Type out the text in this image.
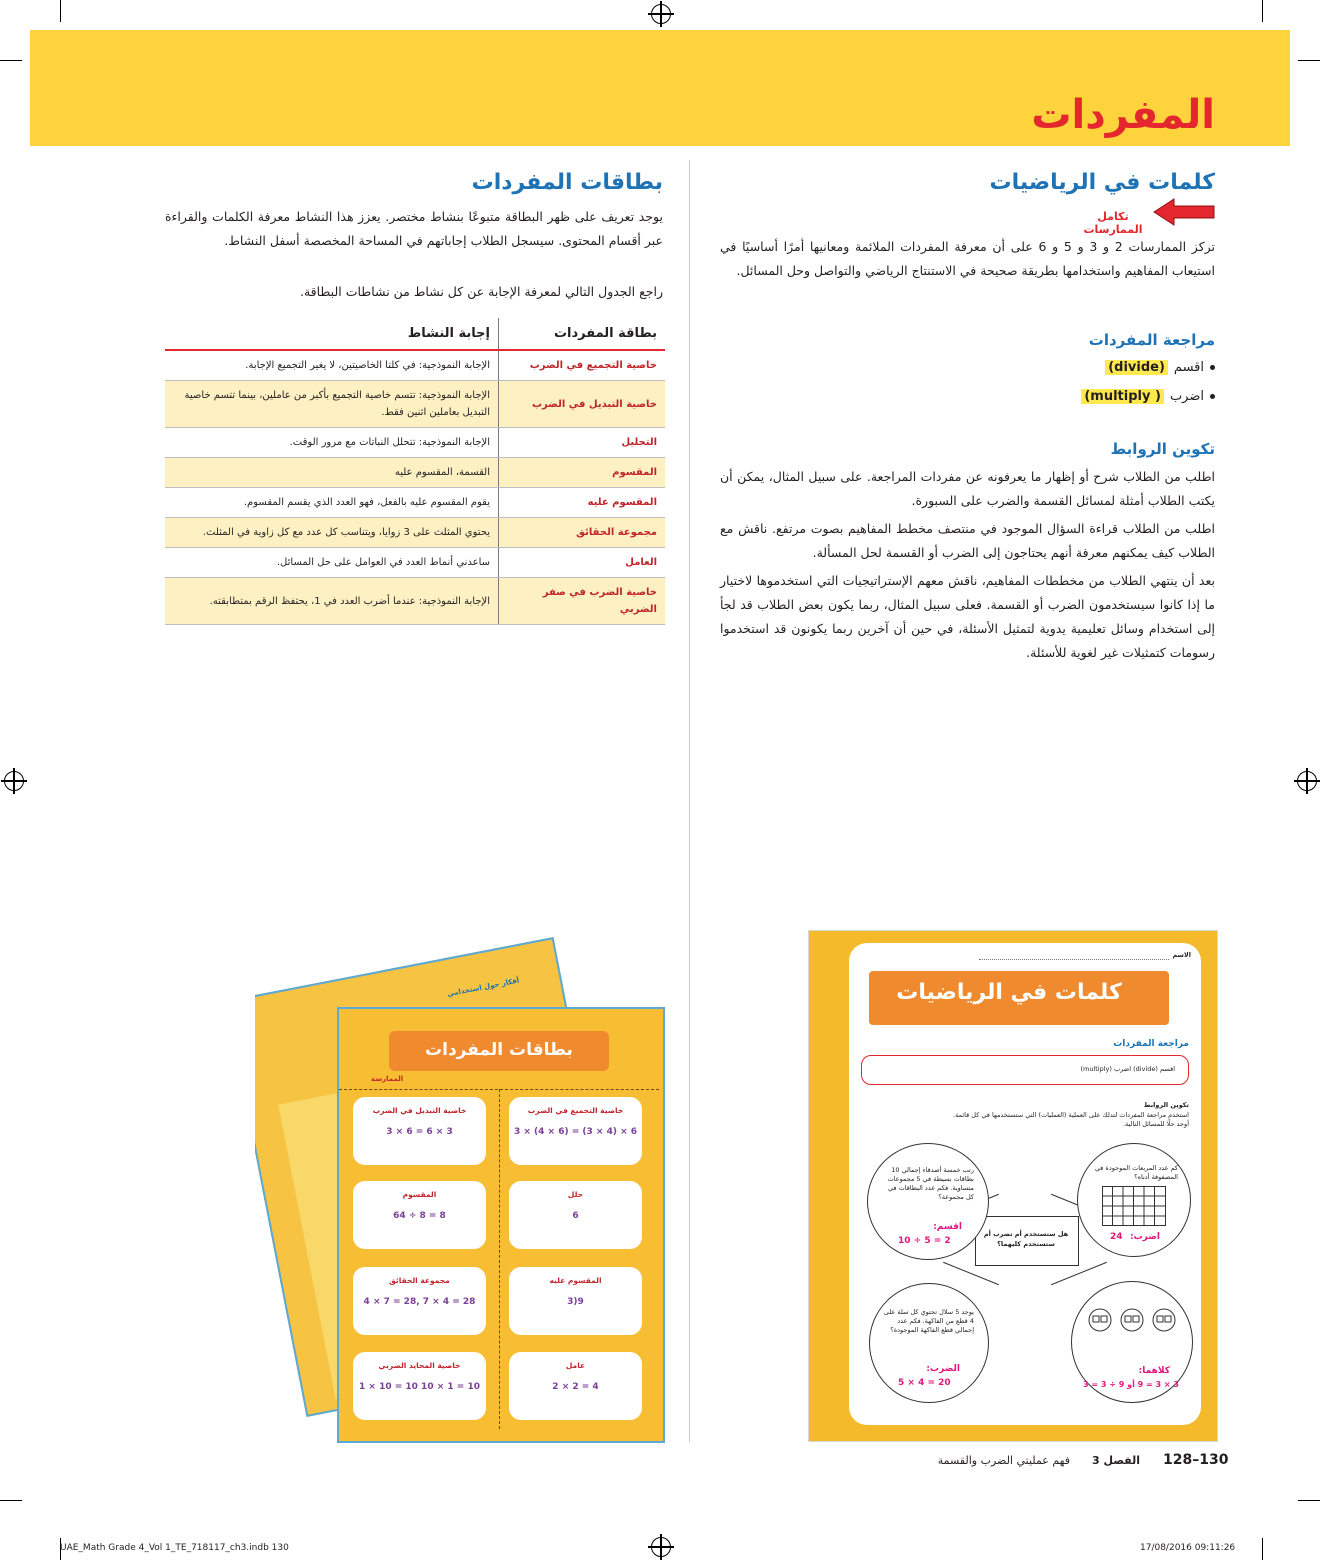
المفردات
كلمات في الرياضيات
تكامل الممارسات
تركز الممارسات 2 و 3 و 5 و 6 على أن معرفة المفردات الملائمة ومعانيها أمرًا أساسيًا في استيعاب المفاهيم واستخدامها بطريقة صحيحة في الاستنتاج الرياضي والتواصل وحل المسائل.
مراجعة المفردات
اقسم
(divide)
اضرب
( multiply)
تكوين الروابط
اطلب من الطلاب شرح أو إظهار ما يعرفونه عن مفردات المراجعة. على سبيل المثال، يمكن أن يكتب الطلاب أمثلة لمسائل القسمة والضرب على السبورة.
اطلب من الطلاب قراءة السؤال الموجود في منتصف مخطط المفاهيم بصوت مرتفع. ناقش مع الطلاب كيف يمكنهم معرفة أنهم يحتاجون إلى الضرب أو القسمة لحل المسألة.
بعد أن ينتهي الطلاب من مخططات المفاهيم، ناقش معهم الإستراتيجيات التي استخدموها لاختيار ما إذا كانوا سيستخدمون الضرب أو القسمة. فعلى سبيل المثال، ربما يكون بعض الطلاب قد لجأ إلى استخدام وسائل تعليمية يدوية لتمثيل الأسئلة، في حين أن آخرين ربما يكونون قد استخدموا رسومات كتمثيلات غير لغوية للأسئلة.
بطاقات المفردات
يوجد تعريف على ظهر البطاقة متبوعًا بنشاط مختصر. يعزز هذا النشاط معرفة الكلمات والقراءة عبر أقسام المحتوى. سيسجل الطلاب إجاباتهم في المساحة المخصصة أسفل النشاط.
راجع الجدول التالي لمعرفة الإجابة عن كل نشاط من نشاطات البطاقة.
بطاقة المفردات	إجابة النشاط
خاصية التجميع في الضرب	الإجابة النموذجية: في كلتا الخاصيتين، لا يغير التجميع الإجابة.
خاصية التبديل في الضرب	الإجابة النموذجية: تتسم خاصية التجميع بأكبر من عاملين، بينما تتسم خاصية التبديل بعاملين اثنين فقط.
التحليل	الإجابة النموذجية: تتحلل النباتات مع مرور الوقت.
المقسوم	القسمة، المقسوم عليه
المقسوم عليه	يقوم المقسوم عليه بالفعل، فهو العدد الذي يقسم المقسوم.
مجموعة الحقائق	يحتوي المثلث على 3 زوايا، ويتناسب كل عدد مع كل زاوية في المثلث.
العامل	ساعدني أنماط العدد في العوامل على حل المسائل.
خاصية الضرب في صفر الضربي	الإجابة النموذجية: عندما أضرب العدد في 1، يحتفظ الرقم بمتطابقته.
أفكار حول استخدامي
بطاقات المفردات
الممارسة
خاصية التجميع في الضرب
3 × (4 × 6) = (3 × 4) × 6
خاصية التبديل في الضرب
3 × 6 = 6 × 3
حلل
6
المقسوم
64 ÷ 8 = 8
المقسوم عليه
3)9
مجموعة الحقائق
4 × 7 = 28, 7 × 4 = 28
عامل
2 × 2 = 4
خاصية المحايد الضربي
1 × 10 = 10 10 × 1 = 10
الاسم
كلمات في الرياضيات
مراجعة المفردات
اقسم (divide) اضرب (multiply)
تكوين الروابط
استخدم مراجعة المفردات لتدلك على العملية (العمليات) التي ستستخدمها في كل قائمة. أوجد حلًا للمسائل التالية.
هل ستستخدم أم تضرب أم ستستخدم كليهما؟
رتب خمسة أصدقاء إجمالي 10 بطاقات بسيطة في 5 مجموعات متساوية. فكم عدد البطاقات في كل مجموعة؟
اقسم:
10 ÷ 5 = 2
كم عدد المربعات الموجودة في المصفوفة أدناه؟
اضرب:
24
يوجد 5 سلال تحتوي كل سلة على 4 قطع من الفاكهة. فكم عدد إجمالي قطع الفاكهة الموجودة؟
الضرب:
5 × 4 = 20
كلاهما:
3 × 3 = 9 أو 9 ÷ 3 = 3
128–130
الفصل 3
فهم عمليتي الضرب والقسمة
UAE_Math Grade 4_Vol 1_TE_718117_ch3.indb 130	17/08/2016 09:11:26
